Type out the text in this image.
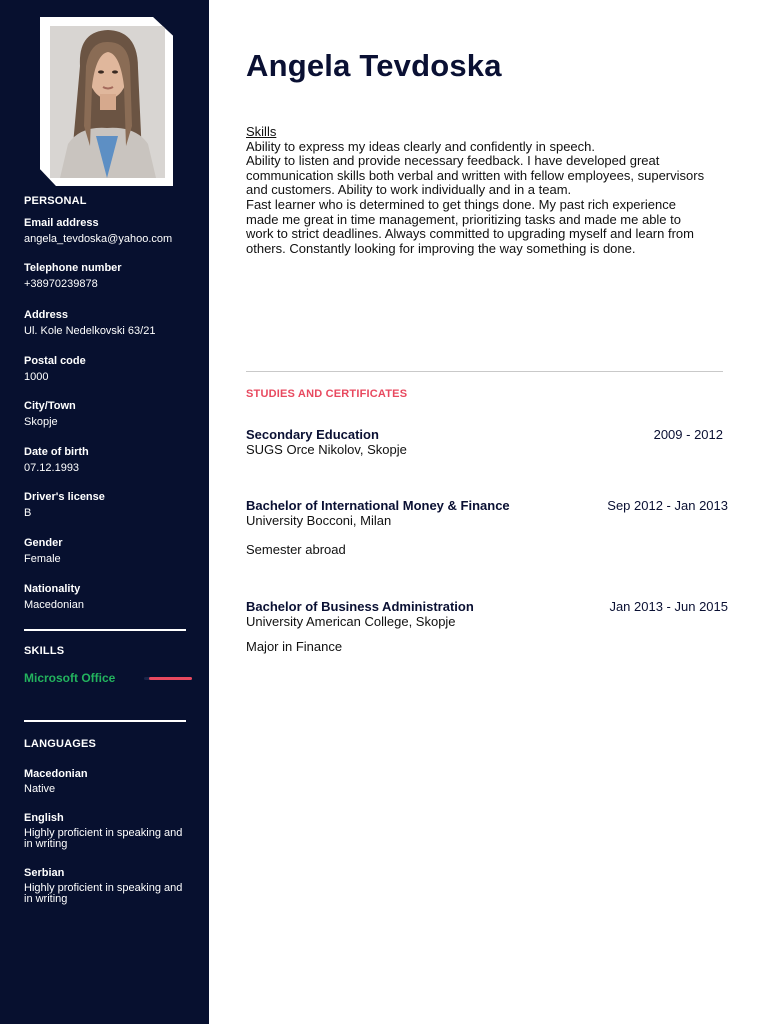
PERSONAL
Email address
angela_tevdoska@yahoo.com
Telephone number
+38970239878
Address
Ul. Kole Nedelkovski 63/21
Postal code
1000
City/Town
Skopje
Date of birth
07.12.1993
Driver's license
B
Gender
Female
Nationality
Macedonian
SKILLS
Microsoft Office
LANGUAGES
Macedonian
Native
English
Highly proficient in speaking and in writing
Serbian
Highly proficient in speaking and in writing
Angela Tevdoska
Skills
Ability to express my ideas clearly and confidently in speech.
Ability to listen and provide necessary feedback. I have developed great
communication skills both verbal and written with fellow employees, supervisors
and customers. Ability to work individually and in a team.
Fast learner who is determined to get things done. My past rich experience
made me great in time management, prioritizing tasks and made me able to
work to strict deadlines. Always committed to upgrading myself and learn from
others. Constantly looking for improving the way something is done.
STUDIES AND CERTIFICATES
Secondary Education	2009 - 2012
SUGS Orce Nikolov, Skopje
Bachelor of International Money & Finance	Sep 2012 - Jan 2013
University Bocconi, Milan
Semester abroad
Bachelor of Business Administration	Jan 2013 - Jun 2015
University American College, Skopje
Major in Finance
